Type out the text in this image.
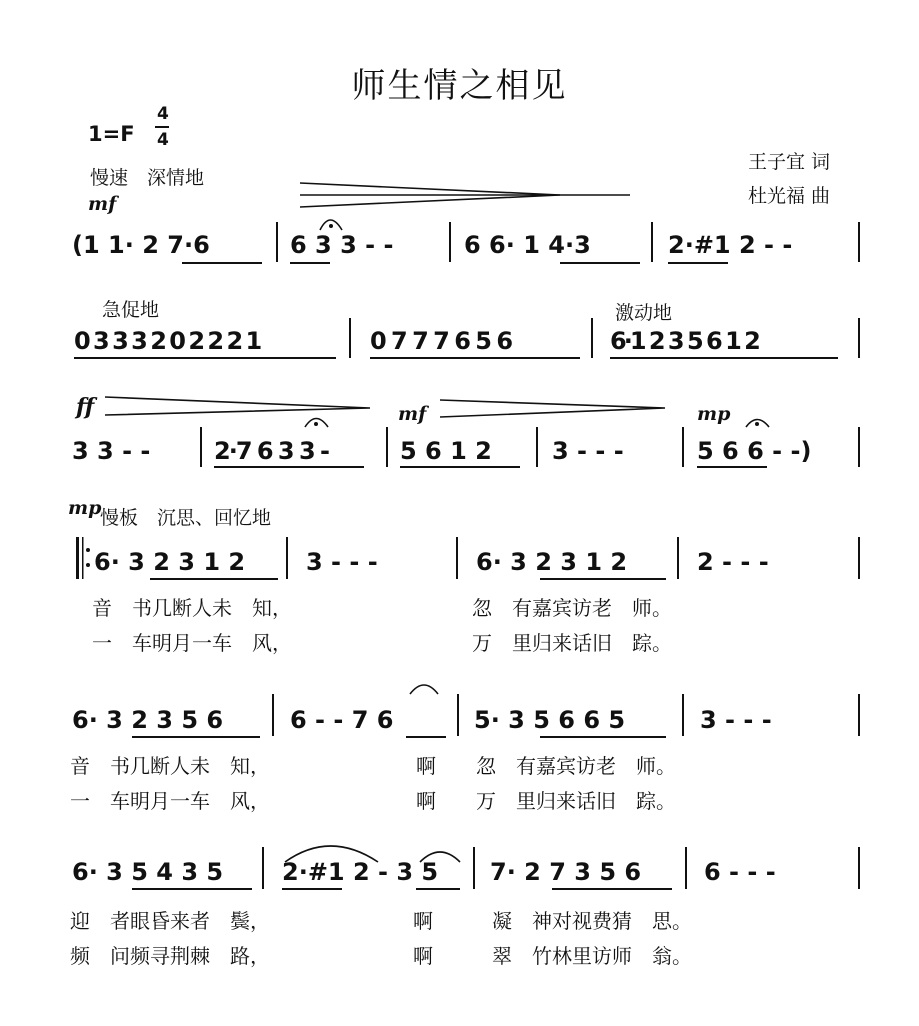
师生情之相见
1=F
4
4
慢速　深情地
王子宜 词
杜光福 曲
mf
ff	mf	mp
mp
急促地	激动地
慢板　沉思、回忆地
(1 1· 2 7·6	6 3 3 - -	6 6· 1 4·3	2·#1 2 - -
0 3 3 3 2 0 2 2 2 1	0 7 7 7 6 5 6	6·1 2 3 5 6 1 2
3 3 - -	2·7 6 3 3 -	5 6 1 2	3 - - -	5 6 6 - -)
6· 3 2 3 1 2	3 - - -	6· 3 2 3 1 2	2 - - -
音　书几断人未　知，	忽　有嘉宾访老　师。
一　车明月一车　风，	万　里归来话旧　踪。
6· 3 2 3 5 6	6 - - 7 6	5· 3 5 6 6 5	3 - - -
音　书几断人未　知，	啊 忽　有嘉宾访老　师。
一　车明月一车　风，	啊 万　里归来话旧　踪。
6· 3 5 4 3 5 2·#1 2 - 3 5 7· 2 7 3 5 6	6 - - -
迎　者眼昏来者　鬓，	啊	凝　神对视费猜　思。
频　问频寻荆棘　路，	啊	翠　竹林里访师　翁。
